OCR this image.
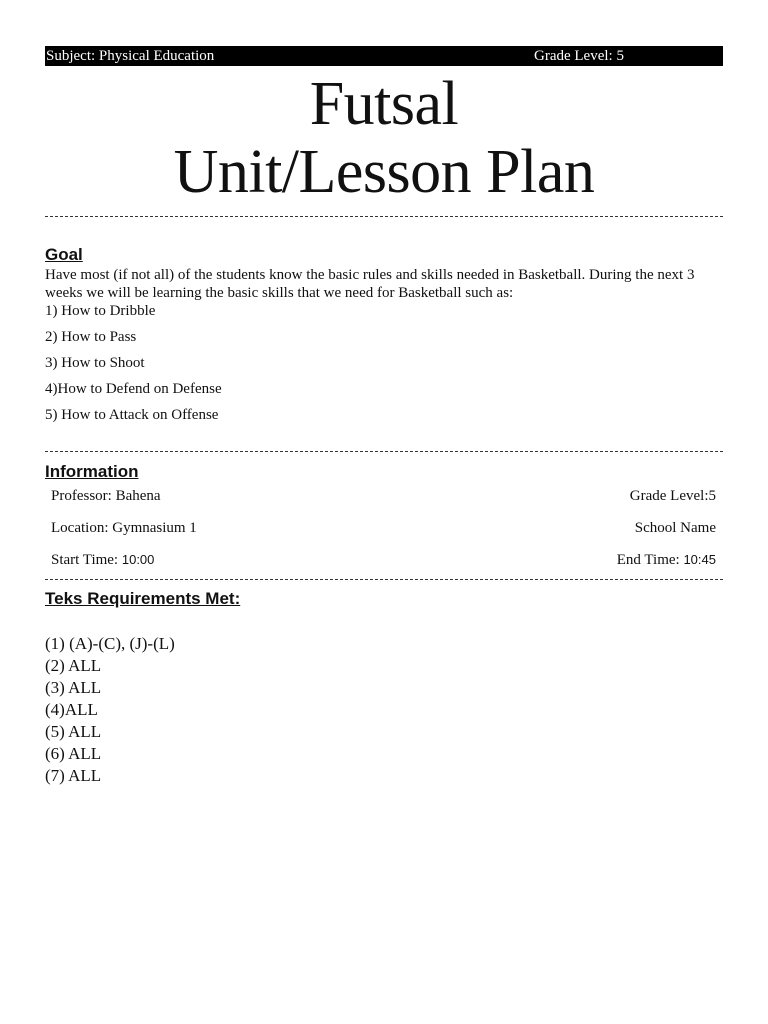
Subject: Physical Education	Grade Level: 5
Futsal
Unit/Lesson Plan
Goal

Have most (if not all) of the students know the basic rules and skills needed in Basketball. During the next 3 weeks we will be learning the basic skills that we need for Basketball such as:

1) How to Dribble
2) How to Pass
3) How to Shoot
4)How to Defend on Defense
5) How to Attack on Offense
Information
Professor: Bahena	Grade Level:5
Location: Gymnasium 1	School Name
Start Time: 10:00	End Time: 10:45
Teks Requirements Met:
(1) (A)-(C), (J)-(L)
(2) ALL
(3) ALL
(4)ALL
(5) ALL
(6) ALL
(7) ALL
